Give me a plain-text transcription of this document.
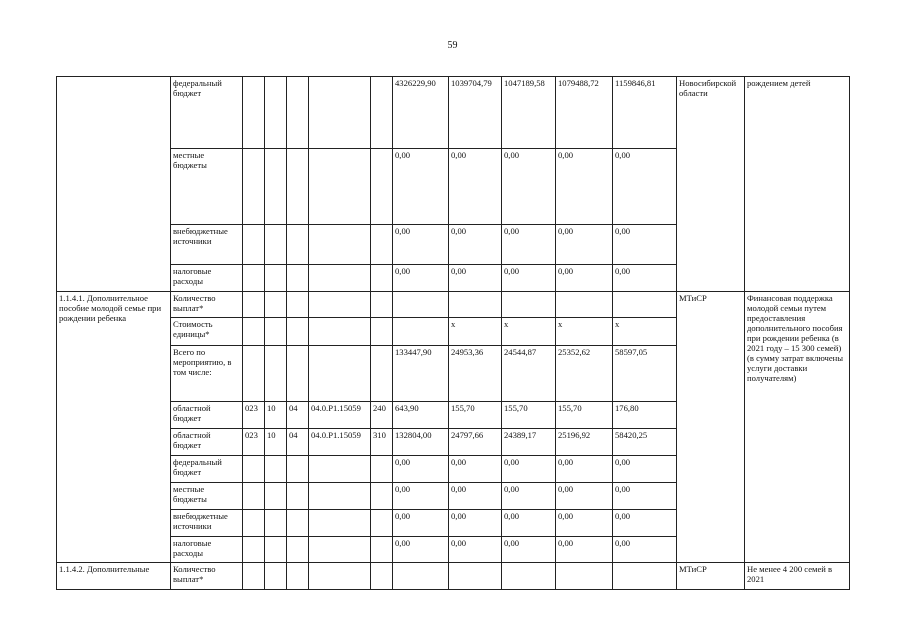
59
	федеральный бюджет						4326229,90	1039704,79	1047189,58	1079488,72	1159846,81	Новосибирской области	рождением детей
	местные бюджеты						0,00	0,00	0,00	0,00	0,00		
	внебюджетные источники						0,00	0,00	0,00	0,00	0,00		
	налоговые расходы						0,00	0,00	0,00	0,00	0,00		
1.1.4.1. Дополнительное пособие молодой семье при рождении ребенка	Количество выплат*											МТиСР	Финансовая поддержка молодой семьи путем предоставления дополнительного пособия при рождении ребенка (в 2021 году – 15 300 семей) (в сумму затрат включены услуги доставки получателям)
	Стоимость единицы*							х	х	х	х		
	Всего по мероприятию, в том числе:						133447,90	24953,36	24544,87	25352,62	58597,05		
	областной бюджет	023	10	04	04.0.Р1.15059	240	643,90	155,70	155,70	155,70	176,80		
	областной бюджет	023	10	04	04.0.Р1.15059	310	132804,00	24797,66	24389,17	25196,92	58420,25		
	федеральный бюджет						0,00	0,00	0,00	0,00	0,00		
	местные бюджеты						0,00	0,00	0,00	0,00	0,00		
	внебюджетные источники						0,00	0,00	0,00	0,00	0,00		
	налоговые расходы						0,00	0,00	0,00	0,00	0,00		
1.1.4.2. Дополнительные	Количество выплат*											МТиСР	Не менее 4 200 семей в 2021
